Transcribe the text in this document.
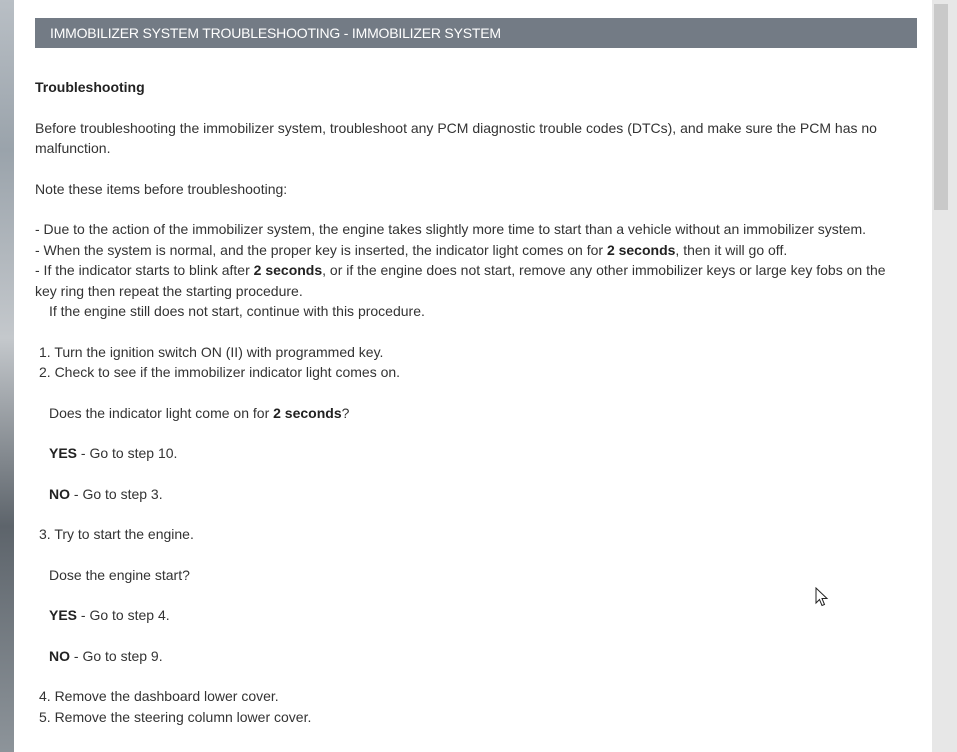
IMMOBILIZER SYSTEM TROUBLESHOOTING - IMMOBILIZER SYSTEM

Troubleshooting

Before troubleshooting the immobilizer system, troubleshoot any PCM diagnostic trouble codes (DTCs), and make sure the PCM has no malfunction.

Note these items before troubleshooting:

- Due to the action of the immobilizer system, the engine takes slightly more time to start than a vehicle without an immobilizer system.

- When the system is normal, and the proper key is inserted, the indicator light comes on for 2 seconds, then it will go off.

- If the indicator starts to blink after 2 seconds, or if the engine does not start, remove any other immobilizer keys or large key fobs on the key ring then repeat the starting procedure.

If the engine still does not start, continue with this procedure.

1. Turn the ignition switch ON (II) with programmed key.

2. Check to see if the immobilizer indicator light comes on.

Does the indicator light come on for 2 seconds?

YES - Go to step 10.

NO - Go to step 3.

3. Try to start the engine.

Dose the engine start?

YES - Go to step 4.

NO - Go to step 9.

4. Remove the dashboard lower cover.

5. Remove the steering column lower cover.
